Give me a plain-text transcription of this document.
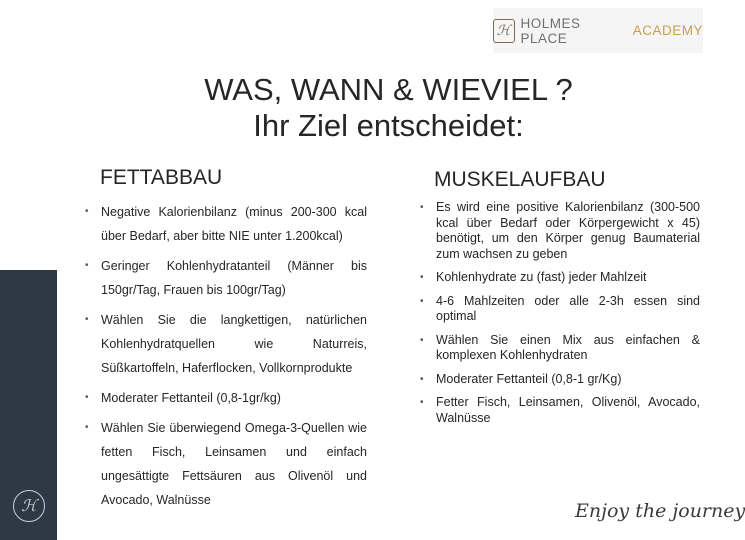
ℋ
ℋ HOLMES PLACE	ACADEMY
WAS, WANN & WIEVIEL ?
Ihr Ziel entscheidet:
FETTABBAU	MUSKELAUFBAU
• Negative Kalorienbilanz (minus 200-300 kcal über Bedarf, aber bitte NIE unter 1.200kcal)
• Geringer Kohlenhydratanteil (Männer bis 150gr/Tag, Frauen bis 100gr/Tag)
• Wählen Sie die langkettigen, natürlichen Kohlenhydratquellen wie Naturreis, Süßkartoffeln, Haferflocken, Vollkornprodukte
• Moderater Fettanteil (0,8-1gr/kg)
• Wählen Sie überwiegend Omega-3-Quellen wie fetten Fisch, Leinsamen und einfach ungesättigte Fettsäuren aus Olivenöl und Avocado, Walnüsse
• Es wird eine positive Kalorienbilanz (300-500 kcal über Bedarf oder Körpergewicht x 45) benötigt, um den Körper genug Baumaterial zum wachsen zu geben
• Kohlenhydrate zu (fast) jeder Mahlzeit
• 4-6 Mahlzeiten oder alle 2-3h essen sind optimal
• Wählen Sie einen Mix aus einfachen & komplexen Kohlenhydraten
• Moderater Fettanteil (0,8-1 gr/Kg)
• Fetter Fisch, Leinsamen, Olivenöl, Avocado, Walnüsse
Enjoy the journey
